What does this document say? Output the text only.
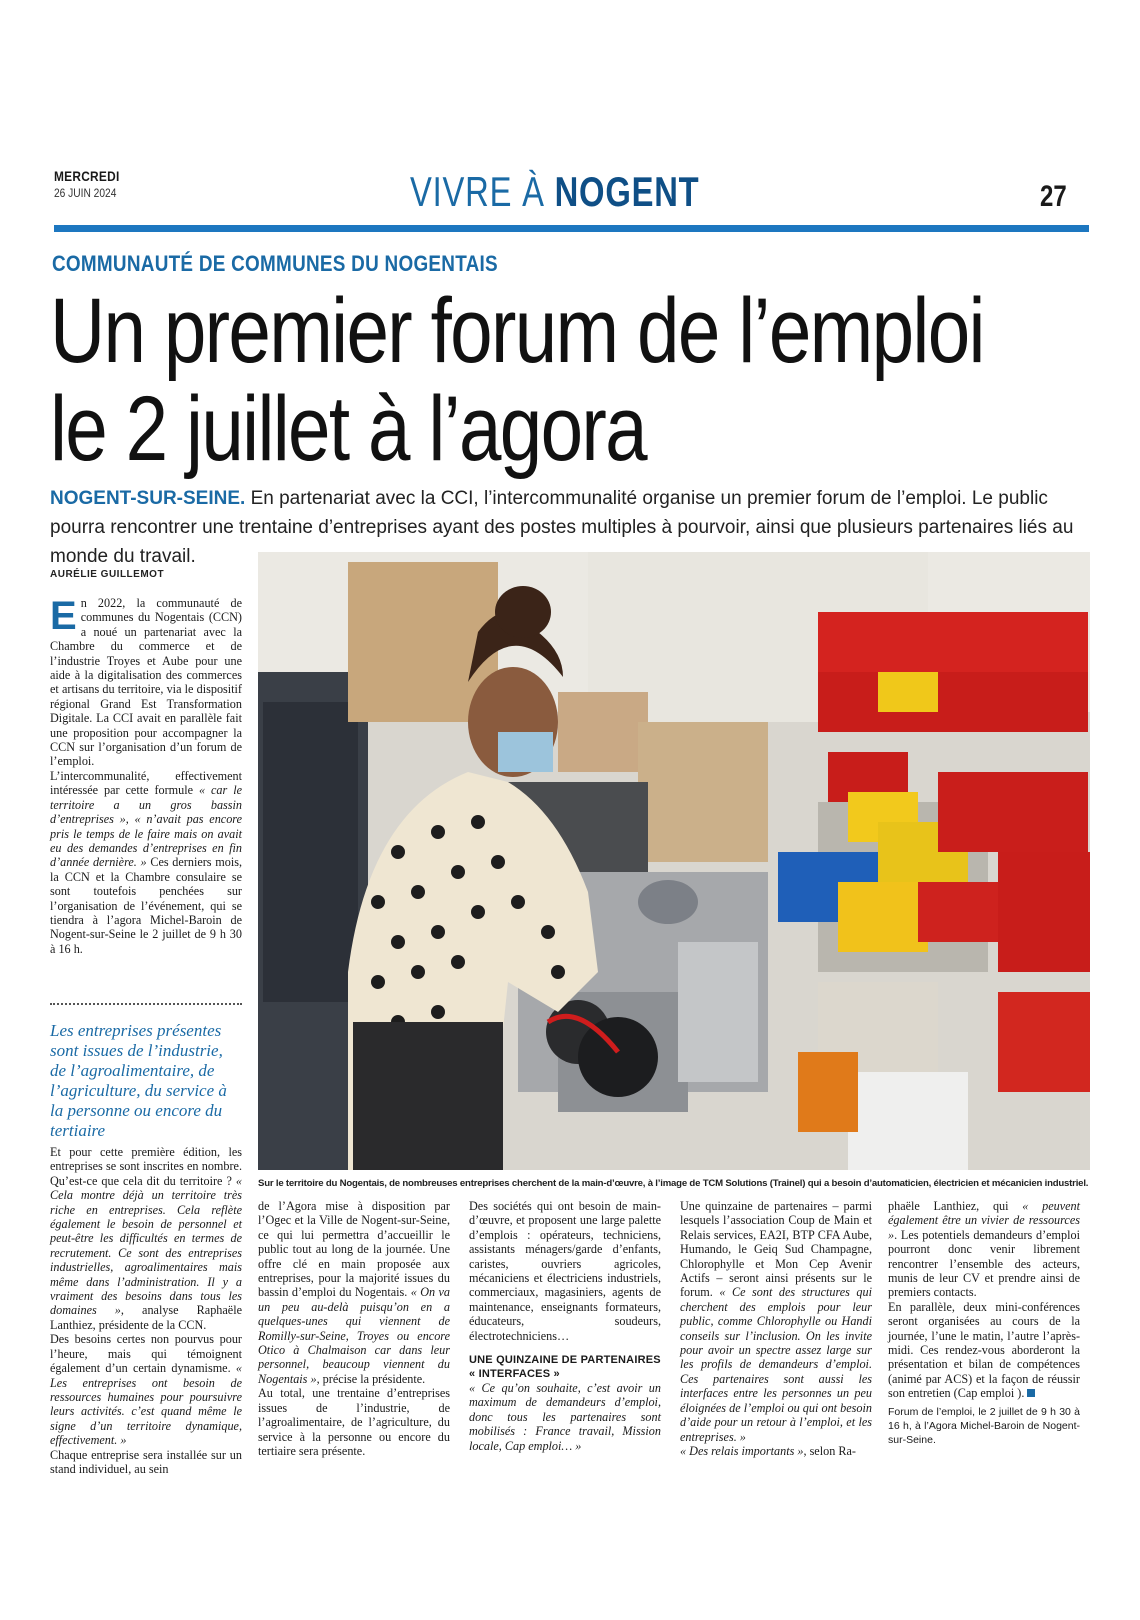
MERCREDI
26 JUIN 2024	VIVRE À NOGENT	27
COMMUNAUTÉ DE COMMUNES DU NOGENTAIS
Un premier forum de l’emploi
le 2 juillet à l’agora
NOGENT-SUR-SEINE. En partenariat avec la CCI, l’intercommunalité organise un premier forum de l’emploi. Le public pourra rencontrer une trentaine d’entreprises ayant des postes multiples à pourvoir, ainsi que plusieurs partenaires liés au monde du travail.
AURÉLIE GUILLEMOT

En 2022, la communauté de communes du Nogentais (CCN) a noué un partenariat avec la Chambre du commerce et de l’industrie Troyes et Aube pour une aide à la digitalisation des commerces et artisans du territoire, via le dispositif régional Grand Est Transformation Digitale. La CCI avait en parallèle fait une proposition pour accompagner la CCN sur l’organisation d’un forum de l’emploi.

L’intercommunalité, effectivement intéressée par cette formule « car le territoire a un gros bassin d’entreprises », « n’avait pas encore pris le temps de le faire mais on avait eu des demandes d’entreprises en fin d’année dernière. » Ces derniers mois, la CCN et la Chambre consulaire se sont toutefois penchées sur l’organisation de l’événement, qui se tiendra à l’agora Michel-Baroin de Nogent-sur-Seine le 2 juillet de 9 h 30 à 16 h.

Les entreprises présentes sont issues de l’industrie, de l’agroalimentaire, de l’agriculture, du service à la personne ou encore du tertiaire

Et pour cette première édition, les entreprises se sont inscrites en nombre. Qu’est-ce que cela dit du territoire ? « Cela montre déjà un territoire très riche en entreprises. Cela reflète également le besoin de personnel et peut-être les difficultés en termes de recrutement. Ce sont des entreprises industrielles, agroalimentaires mais même dans l’administration. Il y a vraiment des besoins dans tous les domaines », analyse Raphaële Lanthiez, présidente de la CCN.

Des besoins certes non pourvus pour l’heure, mais qui témoignent également d’un certain dynamisme. « Les entreprises ont besoin de ressources humaines pour poursuivre leurs activités. c’est quand même le signe d’un territoire dynamique, effectivement. »

Chaque entreprise sera installée sur un stand individuel, au sein

Sur le territoire du Nogentais, de nombreuses entreprises cherchent de la main-d’œuvre, à l’image de TCM Solutions (Trainel) qui a besoin d’automaticien, électricien et mécanicien industriel.

de l’Agora mise à disposition par l’Ogec et la Ville de Nogent-sur-Seine, ce qui lui permettra d’accueillir le public tout au long de la journée. Une offre clé en main proposée aux entreprises, pour la majorité issues du bassin d’emploi du Nogentais. « On va un peu au-delà puisqu’on en a quelques-unes qui viennent de Romilly-sur-Seine, Troyes ou encore Otico à Chalmaison car dans leur personnel, beaucoup viennent du Nogentais », précise la présidente.

Au total, une trentaine d’entreprises issues de l’industrie, de l’agroalimentaire, de l’agriculture, du service à la personne ou encore du tertiaire sera présente.

Des sociétés qui ont besoin de main-d’œuvre, et proposent une large palette d’emplois : opérateurs, techniciens, assistants ménagers/garde d’enfants, caristes, ouvriers agricoles, mécaniciens et électriciens industriels, commerciaux, magasiniers, agents de maintenance, enseignants formateurs, éducateurs, soudeurs, électrotechniciens…

UNE QUINZAINE DE PARTENAIRES
« INTERFACES »

« Ce qu’on souhaite, c’est avoir un maximum de demandeurs d’emploi, donc tous les partenaires sont mobilisés : France travail, Mission locale, Cap emploi… »

Une quinzaine de partenaires – parmi lesquels l’association Coup de Main et Relais services, EA2I, BTP CFA Aube, Humando, le Geiq Sud Champagne, Chlorophylle et Mon Cep Avenir Actifs – seront ainsi présents sur le forum. « Ce sont des structures qui cherchent des emplois pour leur public, comme Chlorophylle ou Handi conseils sur l’inclusion. On les invite pour avoir un spectre assez large sur les profils de demandeurs d’emploi. Ces partenaires sont aussi les interfaces entre les personnes un peu éloignées de l’emploi ou qui ont besoin d’aide pour un retour à l’emploi, et les entreprises. »

« Des relais importants », selon Ra-

phaële Lanthiez, qui « peuvent également être un vivier de ressources ». Les potentiels demandeurs d’emploi pourront donc venir librement rencontrer l’ensemble des acteurs, munis de leur CV et prendre ainsi de premiers contacts.

En parallèle, deux mini-conférences seront organisées au cours de la journée, l’une le matin, l’autre l’après-midi. Ces rendez-vous aborderont la présentation et bilan de compétences (animé par ACS) et la façon de réussir son entretien (Cap emploi ).

Forum de l’emploi, le 2 juillet de 9 h 30 à 16 h, à l’Agora Michel-Baroin de Nogent-sur-Seine.
